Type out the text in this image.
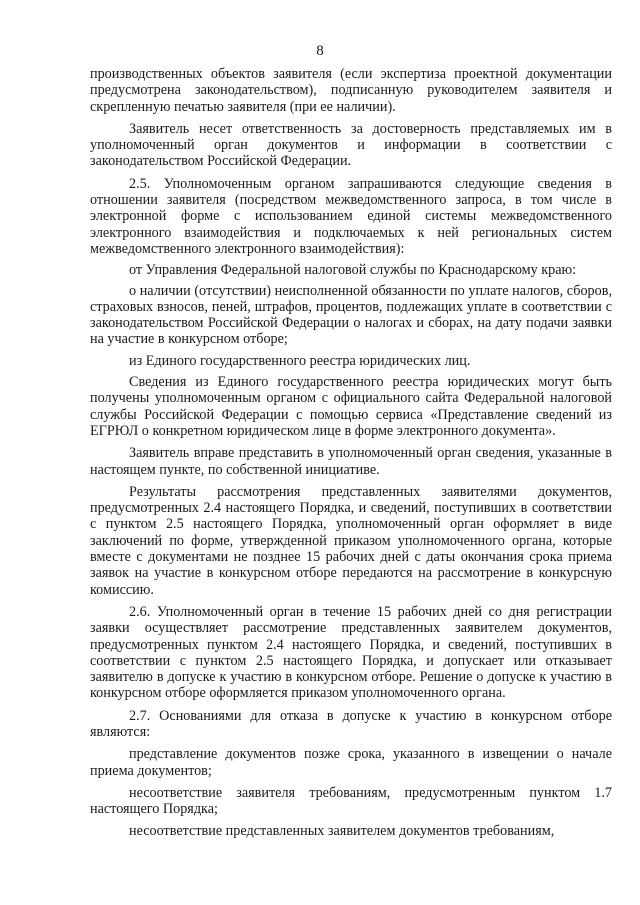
8

производственных объектов заявителя (если экспертиза проектной документации предусмотрена законодательством), подписанную руководителем заявителя и скрепленную печатью заявителя (при ее наличии).

Заявитель несет ответственность за достоверность представляемых им в уполномоченный орган документов и информации в соответствии с законодательством Российской Федерации.

2.5. Уполномоченным органом запрашиваются следующие сведения в отношении заявителя (посредством межведомственного запроса, в том числе в электронной форме с использованием единой системы межведомственного электронного взаимодействия и подключаемых к ней региональных систем межведомственного электронного взаимодействия):

от Управления Федеральной налоговой службы по Краснодарскому краю:

о наличии (отсутствии) неисполненной обязанности по уплате налогов, сборов, страховых взносов, пеней, штрафов, процентов, подлежащих уплате в соответствии с законодательством Российской Федерации о налогах и сборах, на дату подачи заявки на участие в конкурсном отборе;

из Единого государственного реестра юридических лиц.

Сведения из Единого государственного реестра юридических могут быть получены уполномоченным органом с официального сайта Федеральной налоговой службы Российской Федерации с помощью сервиса «Представление сведений из ЕГРЮЛ о конкретном юридическом лице в форме электронного документа».

Заявитель вправе представить в уполномоченный орган сведения, указанные в настоящем пункте, по собственной инициативе.

Результаты рассмотрения представленных заявителями документов, предусмотренных 2.4 настоящего Порядка, и сведений, поступивших в соответствии с пунктом 2.5 настоящего Порядка, уполномоченный орган оформляет в виде заключений по форме, утвержденной приказом уполномоченного органа, которые вместе с документами не позднее 15 рабочих дней с даты окончания срока приема заявок на участие в конкурсном отборе передаются на рассмотрение в конкурсную комиссию.

2.6. Уполномоченный орган в течение 15 рабочих дней со дня регистрации заявки осуществляет рассмотрение представленных заявителем документов, предусмотренных пунктом 2.4 настоящего Порядка, и сведений, поступивших в соответствии с пунктом 2.5 настоящего Порядка, и допускает или отказывает заявителю в допуске к участию в конкурсном отборе. Решение о допуске к участию в конкурсном отборе оформляется приказом уполномоченного органа.

2.7. Основаниями для отказа в допуске к участию в конкурсном отборе являются:

представление документов позже срока, указанного в извещении о начале приема документов;

несоответствие заявителя требованиям, предусмотренным пунктом 1.7 настоящего Порядка;

несоответствие представленных заявителем документов требованиям,
